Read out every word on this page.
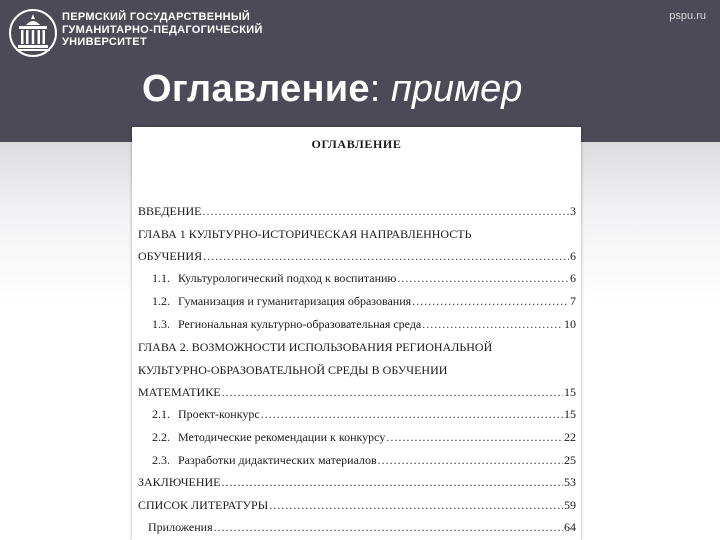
ПЕРМСКИЙ ГОСУДАРСТВЕННЫЙ
ГУМАНИТАРНО-ПЕДАГОГИЧЕСКИЙ
УНИВЕРСИТЕТ
pspu.ru
Оглавление: пример
ОГЛАВЛЕНИЕ
ВВЕДЕНИЕ .....	3
ГЛАВА 1 КУЛЬТУРНО-ИСТОРИЧЕСКАЯ НАПРАВЛЕННОСТЬ
ОБУЧЕНИЯ .....	6
1.1. Культурологический подход к воспитанию .....	6
1.2. Гуманизация и гуманитаризация образования .....	7
1.3. Региональная культурно-образовательная среда .....	10
ГЛАВА 2. ВОЗМОЖНОСТИ ИСПОЛЬЗОВАНИЯ РЕГИОНАЛЬНОЙ
КУЛЬТУРНО-ОБРАЗОВАТЕЛЬНОЙ СРЕДЫ В ОБУЧЕНИИ
МАТЕМАТИКЕ .....	15
2.1. Проект-конкурс .....	15
2.2. Методические рекомендации к конкурсу .....	22
2.3. Разработки дидактических материалов .....	25
ЗАКЛЮЧЕНИЕ .....	53
СПИСОК ЛИТЕРАТУРЫ .....	59
Приложения .....	64
